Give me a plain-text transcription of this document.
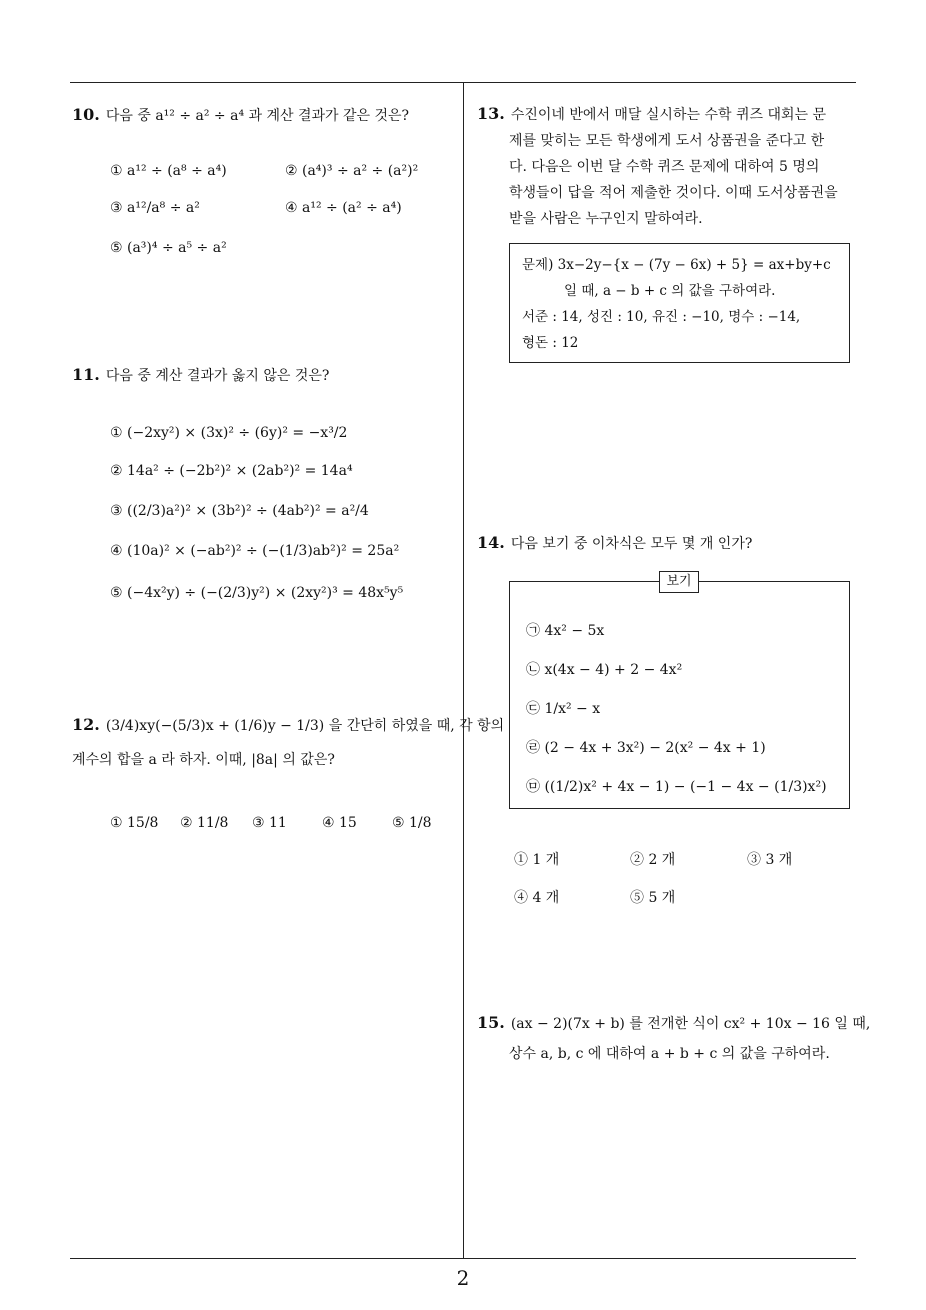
10. 다음 중 a¹² ÷ a² ÷ a⁴ 과 계산 결과가 같은 것은?
① a¹² ÷ (a⁸ ÷ a⁴)	② (a⁴)³ ÷ a² ÷ (a²)²
③ a¹²/a⁸ ÷ a²	④ a¹² ÷ (a² ÷ a⁴)
⑤ (a³)⁴ ÷ a⁵ ÷ a²
11. 다음 중 계산 결과가 옳지 않은 것은?
① (−2xy²) × (3x)² ÷ (6y)² = −x³/2
② 14a² ÷ (−2b²)² × (2ab²)² = 14a⁴
③ ((2/3)a²)² × (3b²)² ÷ (4ab²)² = a²/4
④ (10a)² × (−ab²)² ÷ (−(1/3)ab²)² = 25a²
⑤ (−4x²y) ÷ (−(2/3)y²) × (2xy²)³ = 48x⁵y⁵
12. (3/4)xy(−(5/3)x + (1/6)y − 1/3) 을 간단히 하였을 때, 각 항의
계수의 합을 a 라 하자. 이때, |8a| 의 값은?
① 15/8 ② 11/8 ③ 11	④ 15	⑤ 1/8
13. 수진이네 반에서 매달 실시하는 수학 퀴즈 대회는 문
제를 맞히는 모든 학생에게 도서 상품권을 준다고 한
다. 다음은 이번 달 수학 퀴즈 문제에 대하여 5 명의
학생들이 답을 적어 제출한 것이다. 이때 도서상품권을
받을 사람은 누구인지 말하여라.
문제) 3x−2y−{x − (7y − 6x) + 5} = ax+by+c
일 때, a − b + c 의 값을 구하여라.
서준 : 14, 성진 : 10, 유진 : −10, 명수 : −14,
형돈 : 12
14. 다음 보기 중 이차식은 모두 몇 개 인가?
㉠ 4x² − 5x
㉡ x(4x − 4) + 2 − 4x²
㉢ 1/x² − x
㉣ (2 − 4x + 3x²) − 2(x² − 4x + 1)
㉤ ((1/2)x² + 4x − 1) − (−1 − 4x − (1/3)x²)
보기
① 1 개	② 2 개	③ 3 개
④ 4 개	⑤ 5 개
15. (ax − 2)(7x + b) 를 전개한 식이 cx² + 10x − 16 일 때,
상수 a, b, c 에 대하여 a + b + c 의 값을 구하여라.
2
